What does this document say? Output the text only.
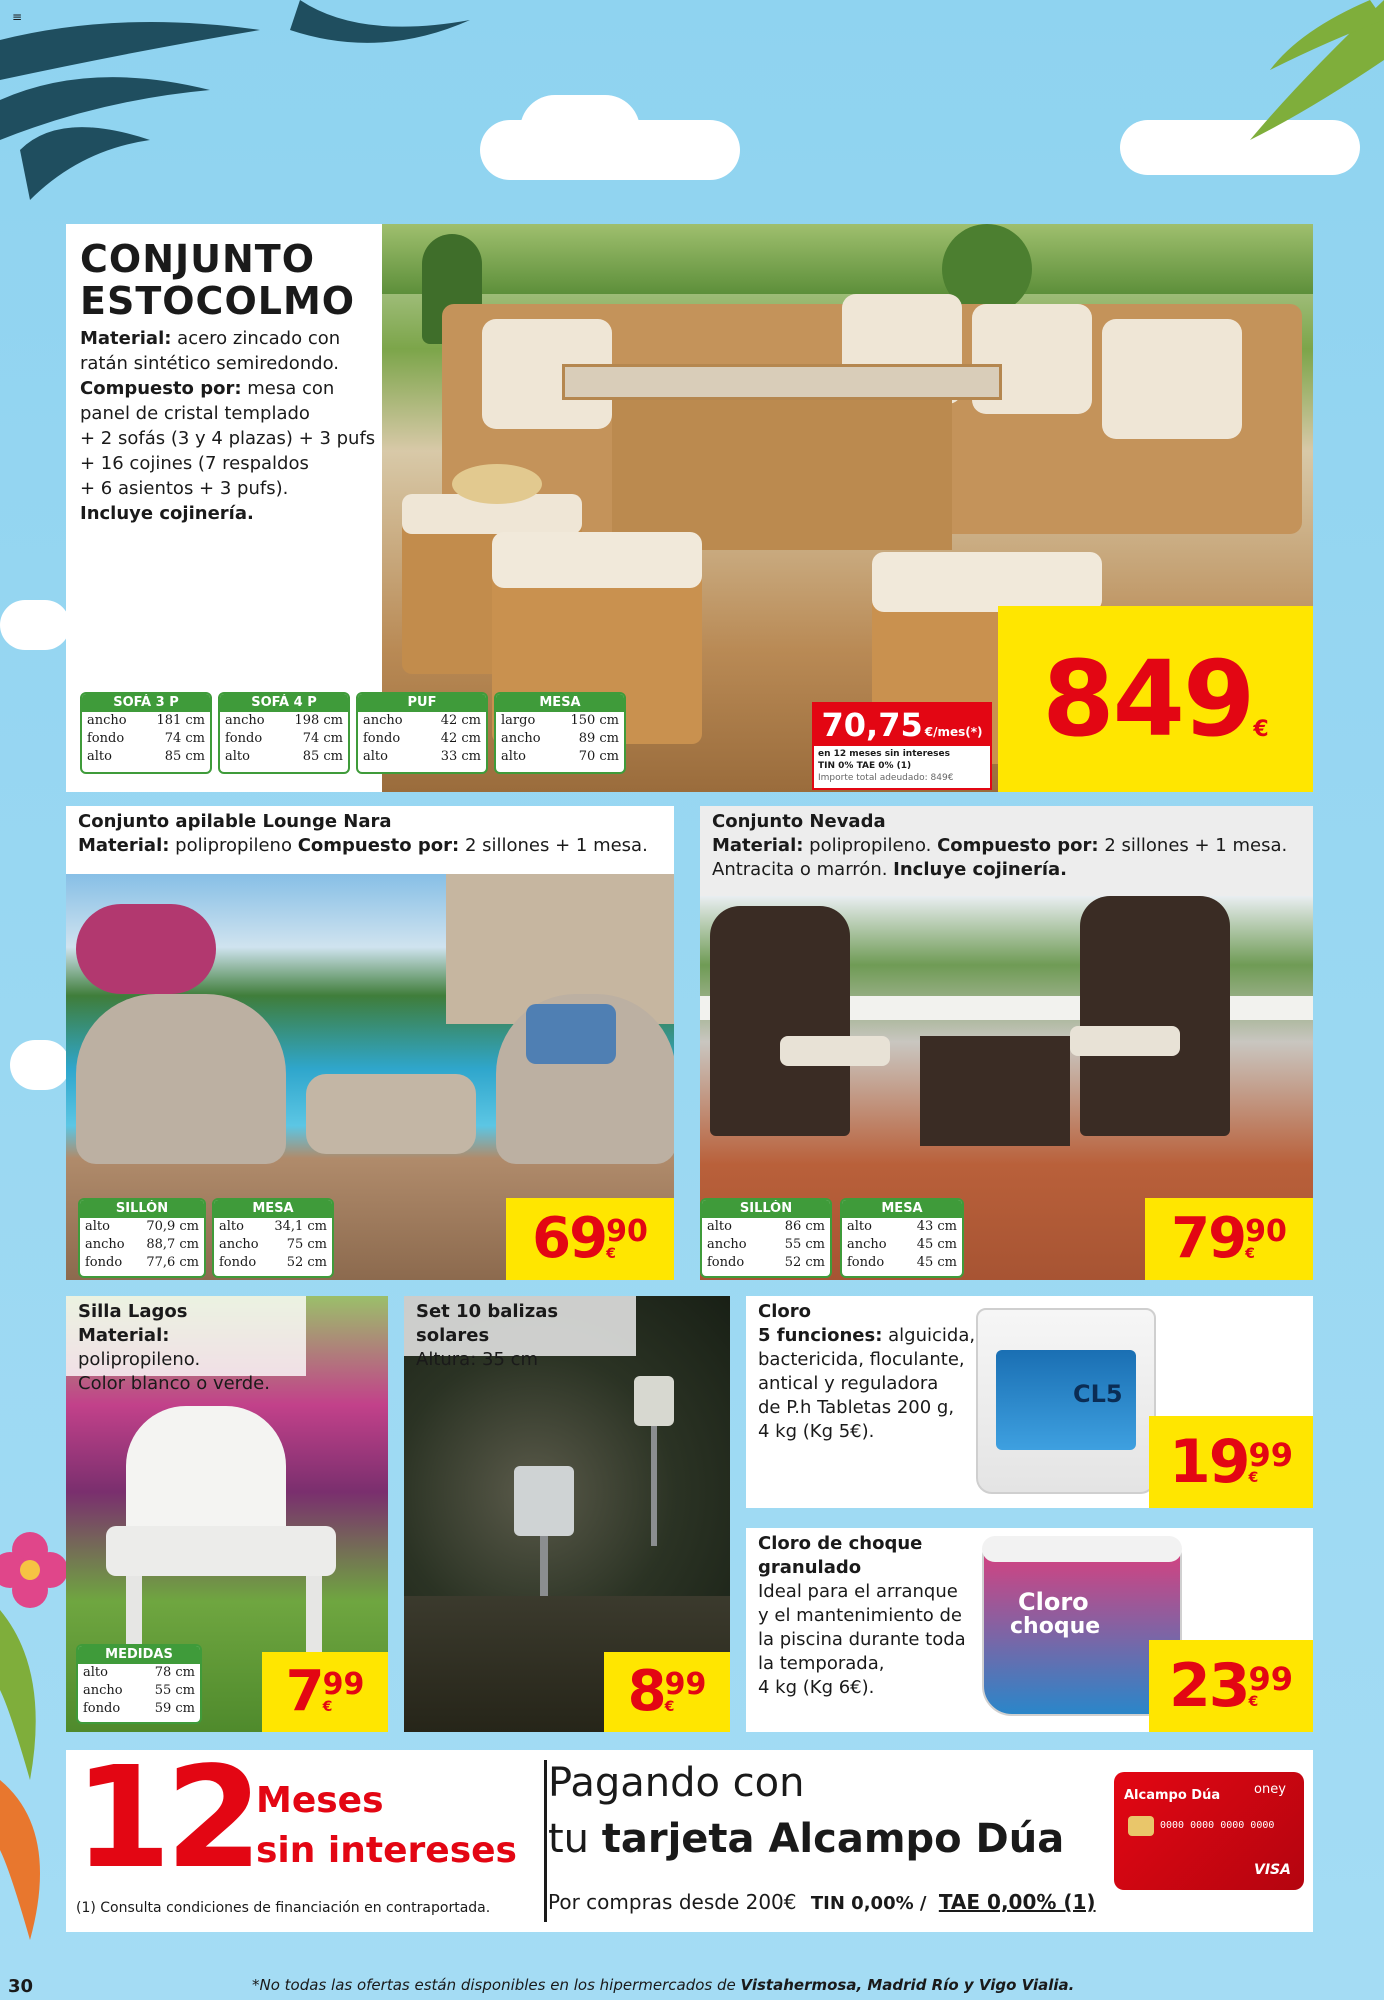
CONJUNTO
ESTOCOLMO
Material: acero zincado con
ratán sintético semiredondo.
Compuesto por: mesa con
panel de cristal templado
+ 2 sofás (3 y 4 plazas) + 3 pufs
+ 16 cojines (7 respaldos
+ 6 asientos + 3 pufs).
Incluye cojinería.
SOFÁ 3 P
ancho 181 cm
fondo	74 cm
alto	85 cm
SOFÁ 4 P
ancho 198 cm
fondo	74 cm
alto	85 cm
PUF
ancho	42 cm
fondo	42 cm
alto	33 cm
MESA
largo	150 cm
ancho	89 cm
alto	70 cm
70,75 €/mes(*)
en 12 meses sin intereses
TIN 0% TAE 0% (1)
Importe total adeudado: 849€
849 €
Conjunto apilable Lounge Nara
Material: polipropileno Compuesto por: 2 sillones + 1 mesa.
SILLÓN
alto	70,9 cm
ancho 88,7 cm
fondo 77,6 cm
MESA
alto 34,1 cm
ancho 75 cm
fondo 52 cm	69 90
€
Conjunto Nevada
Material: polipropileno. Compuesto por: 2 sillones + 1 mesa.
Antracita o marrón. Incluye cojinería.
SILLÓN
alto	86 cm
ancho	55 cm
fondo	52 cm
MESA
alto	43 cm
ancho 45 cm
fondo	45 cm	79 90
€
Silla Lagos
Material: polipropileno.
Color blanco o verde.
MEDIDAS
alto	78 cm
ancho 55 cm
fondo	59 cm 7 99
€
Set 10 balizas solares
Altura: 35 cm
8 99
€
Cloro
5 funciones: alguicida,
bactericida, floculante,
antical y reguladora
de P.h Tabletas 200 g,
4 kg (Kg 5€).
CL5
19 99
€
Cloro de choque
granulado
Ideal para el arranque
y el mantenimiento de
la piscina durante toda
la temporada,
4 kg (Kg 6€).
Cloro
choque
23 99
€
12 Meses
sin intereses
(1) Consulta condiciones de financiación en contraportada.
Pagando con
tu tarjeta Alcampo Dúa
Por compras desde 200€ TIN 0,00% / TAE 0,00% (1)
Alcampo Dúa	oney
0000 0000 0000 0000
VISA
30
≡
*No todas las ofertas están disponibles en los hipermercados de Vistahermosa, Madrid Río y Vigo Vialia.
